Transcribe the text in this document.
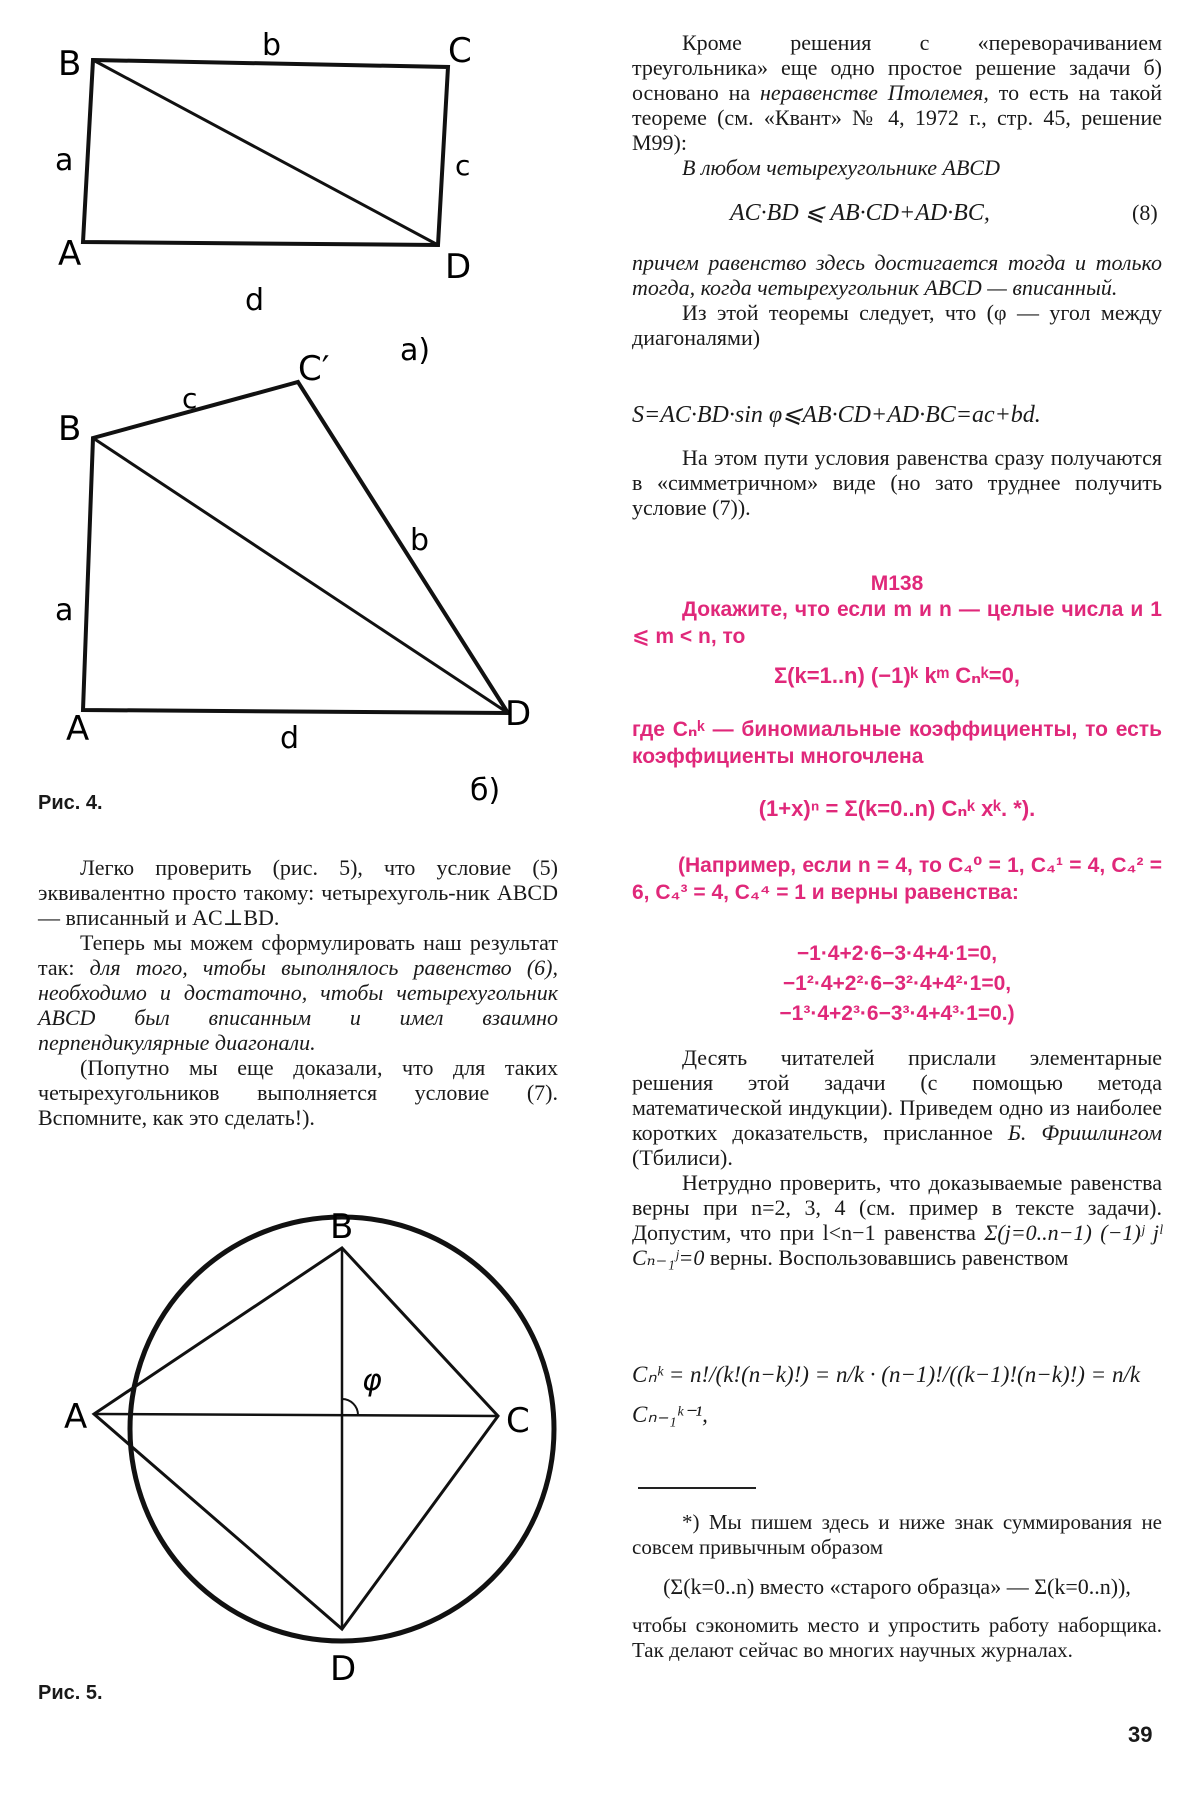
B	C
A	D
b
a	c
d
a)
B
C′
A	D
c
b
a
d
б)
Рис. 4.
Легко проверить (рис. 5), что условие (5) эквивалентно просто такому: четырехуголь-ник ABCD — вписанный и AC⊥BD.
Теперь мы можем сформулировать наш результат так: для того, чтобы выполнялось равенство (6), необходимо и достаточно, чтобы четырехугольник ABCD был вписанным и имел взаимно перпендикулярные диагонали.
(Попутно мы еще доказали, что для таких четырехугольников выполняется условие (7). Вспомните, как это сделать!).
B
A	C
D
φ
Рис. 5.
Кроме решения с «переворачиванием треугольника» еще одно простое решение задачи б) основано на неравенстве Птолемея, то есть на такой теореме (см. «Квант» № 4, 1972 г., стр. 45, решение М99):
В любом четырехугольнике ABCD
AC·BD ⩽ AB·CD+AD·BC,	(8)
причем равенство здесь достигается тогда и только тогда, когда четырехугольник ABCD — вписанный.
Из этой теоремы следует, что (φ — угол между диагоналями)
S=AC·BD·sin φ⩽AB·CD+AD·BC=ac+bd.
На этом пути условия равенства сразу получаются в «симметричном» виде (но зато труднее получить условие (7)).
М138
Докажите, что если m и n — целые числа и 1 ⩽ m < n, то
Σ(k=1..n) (−1)ᵏ kᵐ Cₙᵏ=0,
где Cₙᵏ — биномиальные коэффициенты, то есть коэффициенты многочлена
(1+x)ⁿ = Σ(k=0..n) Cₙᵏ xᵏ. *).
(Например, если n = 4, то C₄⁰ = 1, C₄¹ = 4, C₄² = 6, C₄³ = 4, C₄⁴ = 1 и верны равенства:
−1·4+2·6−3·4+4·1=0,
−1²·4+2²·6−3²·4+4²·1=0,
−1³·4+2³·6−3³·4+4³·1=0.)
Десять читателей прислали элементарные решения этой задачи (с помощью метода математической индукции). Приведем одно из наиболее коротких доказательств, присланное Б. Фришлингом (Тбилиси).
Нетрудно проверить, что доказываемые равенства верны при n=2, 3, 4 (см. пример в тексте задачи). Допустим, что при l<n−1 равенства Σ(j=0..n−1) (−1)ʲ jˡ Cₙ₋₁ʲ=0 верны. Воспользовавшись равенством
Cₙᵏ = n!/(k!(n−k)!) = n/k · (n−1)!/((k−1)!(n−k)!) = n/k Cₙ₋₁ᵏ⁻¹,
*) Мы пишем здесь и ниже знак суммирования не совсем привычным образом
(Σ(k=0..n) вместо «старого образца» — Σ(k=0..n)),
чтобы сэкономить место и упростить работу наборщика. Так делают сейчас во многих научных журналах.
39
